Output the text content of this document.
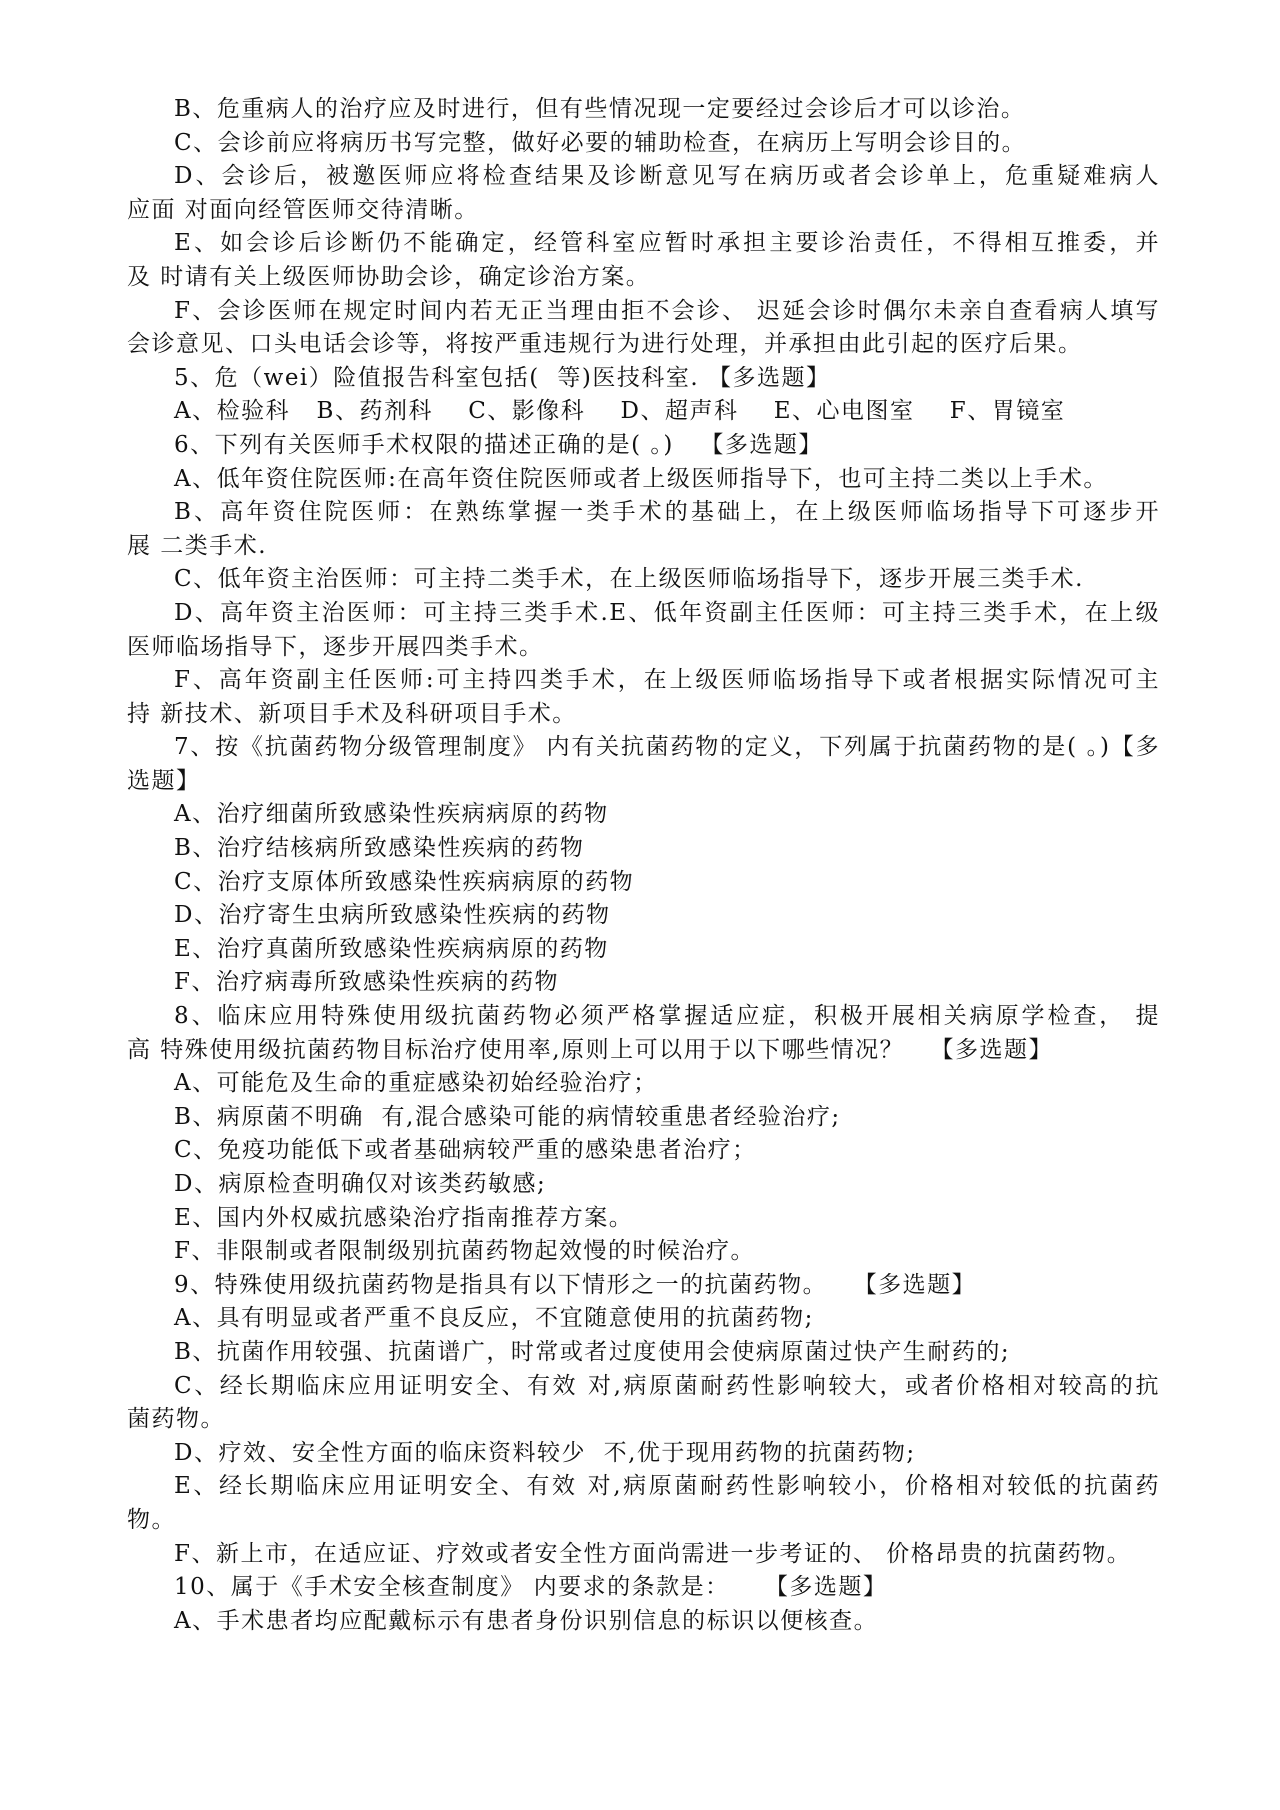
B、危重病人的治疗应及时进行，但有些情况现一定要经过会诊后才可以诊治。
C、会诊前应将病历书写完整，做好必要的辅助检查，在病历上写明会诊目的。
D、会诊后，被邀医师应将检查结果及诊断意见写在病历或者会诊单上，危重疑难病人
应面 对面向经管医师交待清晰。
E、如会诊后诊断仍不能确定，经管科室应暂时承担主要诊治责任，不得相互推委，并
及 时请有关上级医师协助会诊，确定诊治方案。
F、会诊医师在规定时间内若无正当理由拒不会诊、 迟延会诊时偶尔未亲自查看病人填写
会诊意见、口头电话会诊等，将按严重违规行为进行处理，并承担由此引起的医疗后果。
5、危（wei）险值报告科室包括(  等)医技科室. 【多选题】
A、检验科   B、药剂科    C、影像科    D、超声科    E、心电图室    F、胃镜室
6、下列有关医师手术权限的描述正确的是( 。)   【多选题】
A、低年资住院医师:在高年资住院医师或者上级医师指导下，也可主持二类以上手术。
B、高年资住院医师：在熟练掌握一类手术的基础上，在上级医师临场指导下可逐步开
展 二类手术.
C、低年资主治医师：可主持二类手术，在上级医师临场指导下，逐步开展三类手术.
D、高年资主治医师：可主持三类手术.E、低年资副主任医师：可主持三类手术，在上级
医师临场指导下，逐步开展四类手术。
F、高年资副主任医师:可主持四类手术，在上级医师临场指导下或者根据实际情况可主
持 新技术、新项目手术及科研项目手术。
7、按《抗菌药物分级管理制度》 内有关抗菌药物的定义，下列属于抗菌药物的是( 。)【多
选题】
A、治疗细菌所致感染性疾病病原的药物
B、治疗结核病所致感染性疾病的药物
C、治疗支原体所致感染性疾病病原的药物
D、治疗寄生虫病所致感染性疾病的药物
E、治疗真菌所致感染性疾病病原的药物
F、治疗病毒所致感染性疾病的药物
8、临床应用特殊使用级抗菌药物必须严格掌握适应症，积极开展相关病原学检查， 提
高 特殊使用级抗菌药物目标治疗使用率,原则上可以用于以下哪些情况？   【多选题】
A、可能危及生命的重症感染初始经验治疗；
B、病原菌不明确  有,混合感染可能的病情较重患者经验治疗;
C、免疫功能低下或者基础病较严重的感染患者治疗；
D、病原检查明确仅对该类药敏感;
E、国内外权威抗感染治疗指南推荐方案。
F、非限制或者限制级别抗菌药物起效慢的时候治疗。
9、特殊使用级抗菌药物是指具有以下情形之一的抗菌药物。   【多选题】
A、具有明显或者严重不良反应，不宜随意使用的抗菌药物;
B、抗菌作用较强、抗菌谱广，时常或者过度使用会使病原菌过快产生耐药的;
C、经长期临床应用证明安全、有效 对,病原菌耐药性影响较大，或者价格相对较高的抗
菌药物。
D、疗效、安全性方面的临床资料较少  不,优于现用药物的抗菌药物;
E、经长期临床应用证明安全、有效 对,病原菌耐药性影响较小，价格相对较低的抗菌药
物。
F、新上市，在适应证、疗效或者安全性方面尚需进一步考证的、 价格昂贵的抗菌药物。
10、属于《手术安全核查制度》 内要求的条款是：    【多选题】
A、手术患者均应配戴标示有患者身份识别信息的标识以便核查。
